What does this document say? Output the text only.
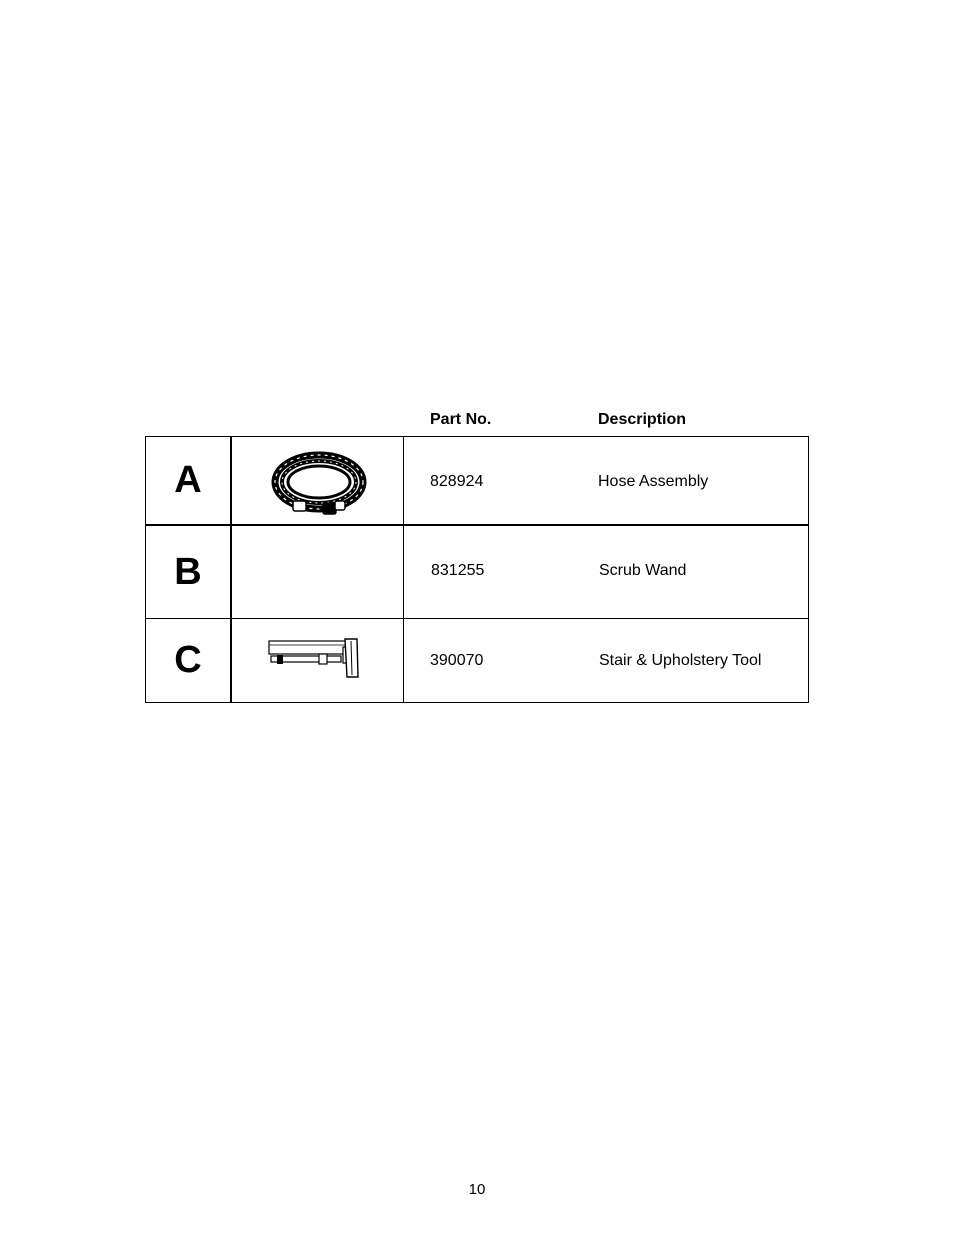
Part No.	Description
A	828924	Hose Assembly
B	831255	Scrub Wand
C	390070	Stair & Upholstery Tool
10
